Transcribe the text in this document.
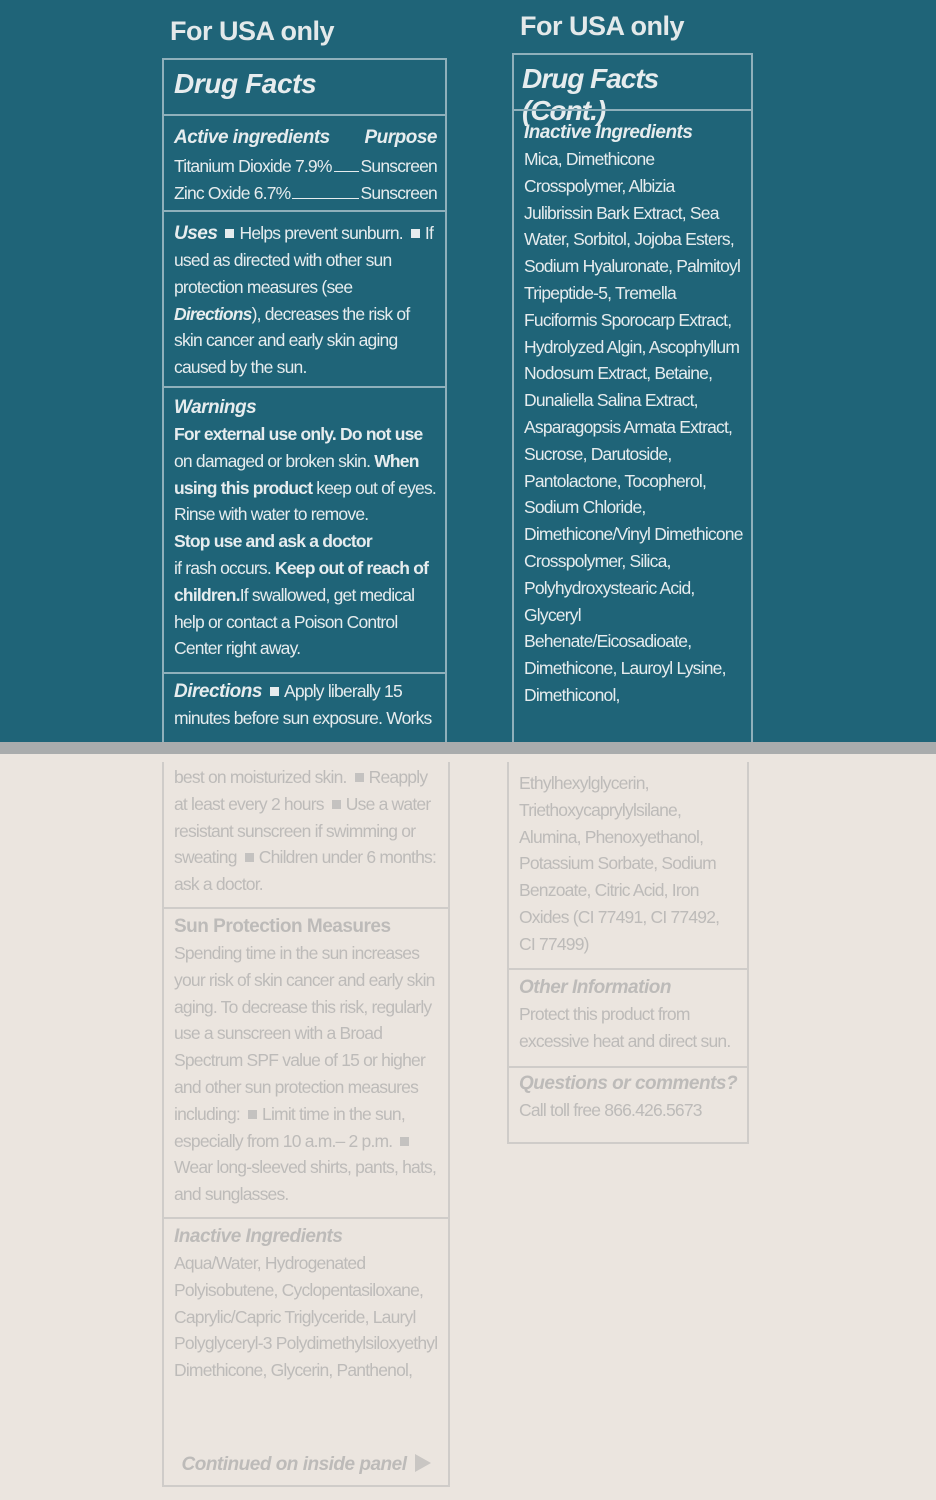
For USA only
Drug Facts
Active ingredients Purpose
Titanium Dioxide 7.9% Sunscreen
Zinc Oxide 6.7%	Sunscreen
Uses Helps prevent sunburn. If used as directed with other sun protection measures (see Directions), decreases the risk of skin cancer and early skin aging caused by the sun.
Warnings
For external use only. Do not use on damaged or broken skin. When using this product keep out of eyes. Rinse with water to remove.
Stop use and ask a doctor
if rash occurs. Keep out of reach of children.If swallowed, get medical help or contact a Poison Control Center right away.
Directions Apply liberally 15 minutes before sun exposure. Works
best on moisturized skin. Reapply at least every 2 hours Use a water resistant sunscreen if swimming or sweating Children under 6 months: ask a doctor.
Sun Protection Measures
Spending time in the sun increases your risk of skin cancer and early skin aging. To decrease this risk, regularly use a sunscreen with a Broad Spectrum SPF value of 15 or higher and other sun protection measures including: Limit time in the sun, especially from 10 a.m.– 2 p.m. Wear long-sleeved shirts, pants, hats, and sunglasses.
Inactive Ingredients
Aqua/Water, Hydrogenated Polyisobutene, Cyclopentasiloxane, Caprylic/Capric Triglyceride, Lauryl Polyglyceryl-3 Polydimethylsiloxyethyl Dimethicone, Glycerin, Panthenol,
Continued on inside panel
For USA only
Drug Facts (Cont.)
Inactive Ingredients
Mica, Dimethicone Crosspolymer, Albizia Julibrissin Bark Extract, Sea Water, Sorbitol, Jojoba Esters, Sodium Hyaluronate, Palmitoyl Tripeptide-5, Tremella Fuciformis Sporocarp Extract, Hydrolyzed Algin, Ascophyllum Nodosum Extract, Betaine, Dunaliella Salina Extract, Asparagopsis Armata Extract, Sucrose, Darutoside, Pantolactone, Tocopherol, Sodium Chloride, Dimethicone/Vinyl Dimethicone Crosspolymer, Silica, Polyhydroxystearic Acid, Glyceryl Behenate/Eicosadioate, Dimethicone, Lauroyl Lysine, Dimethiconol,
Ethylhexylglycerin, Triethoxycaprylylsilane, Alumina, Phenoxyethanol, Potassium Sorbate, Sodium Benzoate, Citric Acid, Iron Oxides (CI 77491, CI 77492, CI 77499)
Other Information
Protect this product from excessive heat and direct sun.
Questions or comments?
Call toll free 866.426.5673
